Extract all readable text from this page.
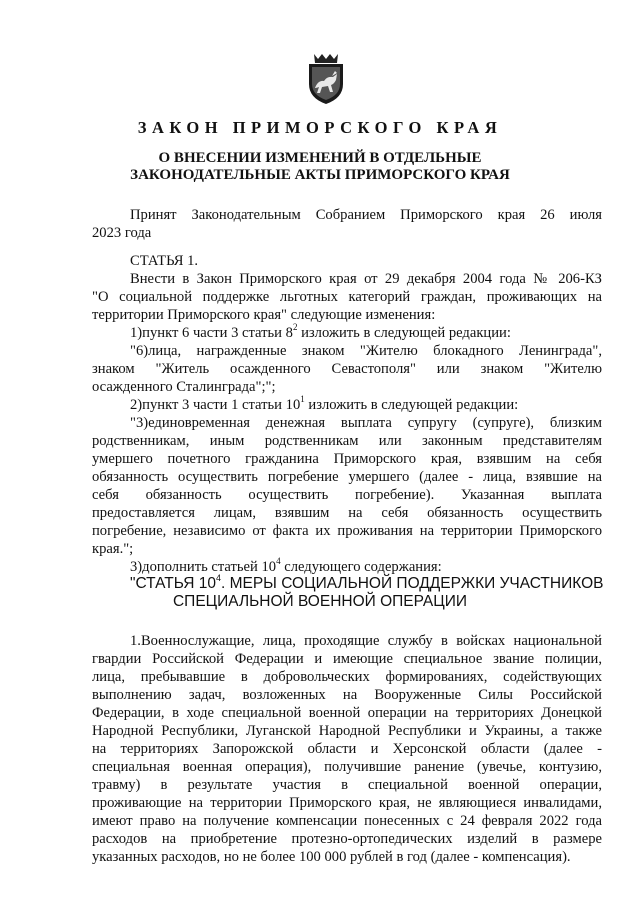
ЗАКОН ПРИМОРСКОГО КРАЯ
О ВНЕСЕНИИ ИЗМЕНЕНИЙ В ОТДЕЛЬНЫЕ
ЗАКОНОДАТЕЛЬНЫЕ АКТЫ ПРИМОРСКОГО КРАЯ
Принят Законодательным Собранием Приморского края 26 июля
2023 года
СТАТЬЯ 1.
Внести в Закон Приморского края от 29 декабря 2004 года № 206-КЗ
"О социальной поддержке льготных категорий граждан, проживающих на
территории Приморского края" следующие изменения:
1)пункт 6 части 3 статьи $8^2$ изложить в следующей редакции:
"6)лица, награжденные знаком "Жителю блокадного Ленинграда",
знаком "Житель осажденного Севастополя" или знаком "Жителю
осажденного Сталинграда";";
2)пункт 3 части 1 статьи $10^1$ изложить в следующей редакции:
"3)единовременная денежная выплата супругу (супруге), близким
родственникам, иным родственникам или законным представителям
умершего почетного гражданина Приморского края, взявшим на себя
обязанность осуществить погребение умершего (далее - лица, взявшие на
себя обязанность осуществить погребение). Указанная выплата
предоставляется лицам, взявшим на себя обязанность осуществить
погребение, независимо от факта их проживания на территории Приморского
края.";
3)дополнить статьей $10^4$ следующего содержания:
"СТАТЬЯ $10^4$. МЕРЫ СОЦИАЛЬНОЙ ПОДДЕРЖКИ УЧАСТНИКОВ
СПЕЦИАЛЬНОЙ ВОЕННОЙ ОПЕРАЦИИ
1.Военнослужащие, лица, проходящие службу в войсках национальной
гвардии Российской Федерации и имеющие специальное звание полиции,
лица, пребывавшие в добровольческих формированиях, содействующих
выполнению задач, возложенных на Вооруженные Силы Российской
Федерации, в ходе специальной военной операции на территориях Донецкой
Народной Республики, Луганской Народной Республики и Украины, а также
на территориях Запорожской области и Херсонской области (далее -
специальная военная операция), получившие ранение (увечье, контузию,
травму) в результате участия в специальной военной операции,
проживающие на территории Приморского края, не являющиеся инвалидами,
имеют право на получение компенсации понесенных с 24 февраля 2022 года
расходов на приобретение протезно-ортопедических изделий в размере
указанных расходов, но не более 100 000 рублей в год (далее - компенсация).
